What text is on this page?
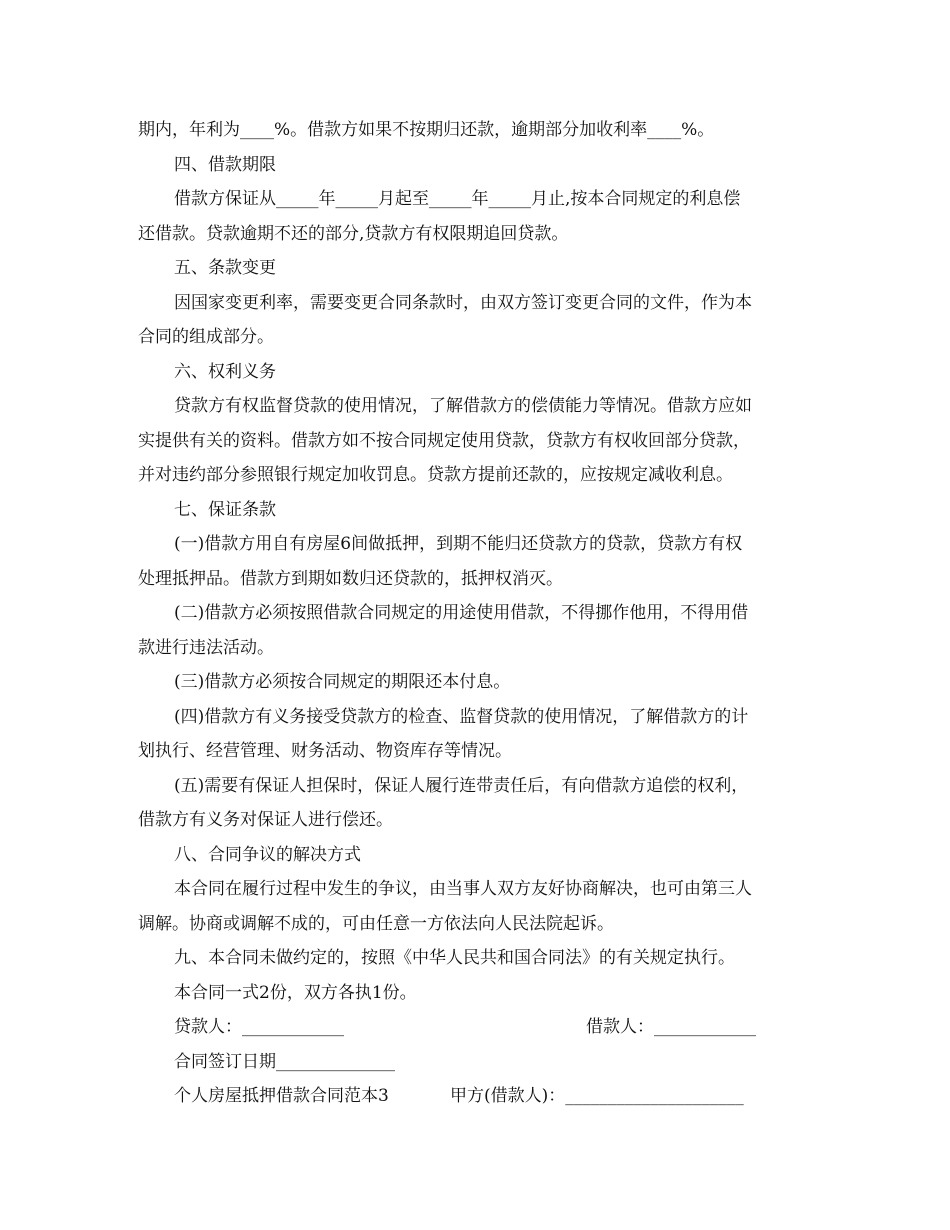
期内，年利为____%。借款方如果不按期归还款，逾期部分加收利率____%。

四、借款期限

借款方保证从_____年_____月起至_____年_____月止,按本合同规定的利息偿

还借款。贷款逾期不还的部分,贷款方有权限期追回贷款。

五、条款变更

因国家变更利率，需要变更合同条款时，由双方签订变更合同的文件，作为本

合同的组成部分。

六、权利义务

贷款方有权监督贷款的使用情况，了解借款方的偿债能力等情况。借款方应如

实提供有关的资料。借款方如不按合同规定使用贷款，贷款方有权收回部分贷款，

并对违约部分参照银行规定加收罚息。贷款方提前还款的，应按规定减收利息。

七、保证条款

(一)借款方用自有房屋6间做抵押，到期不能归还贷款方的贷款，贷款方有权

处理抵押品。借款方到期如数归还贷款的，抵押权消灭。

(二)借款方必须按照借款合同规定的用途使用借款，不得挪作他用，不得用借

款进行违法活动。

(三)借款方必须按合同规定的期限还本付息。

(四)借款方有义务接受贷款方的检查、监督贷款的使用情况，了解借款方的计

划执行、经营管理、财务活动、物资库存等情况。

(五)需要有保证人担保时，保证人履行连带责任后，有向借款方追偿的权利，

借款方有义务对保证人进行偿还。

八、合同争议的解决方式

本合同在履行过程中发生的争议，由当事人双方友好协商解决，也可由第三人

调解。协商或调解不成的，可由任意一方依法向人民法院起诉。

九、本合同未做约定的，按照《中华人民共和国合同法》的有关规定执行。

本合同一式2份，双方各执1份。

贷款人：____________	借款人：____________

合同签订日期______________

个人房屋抵押借款合同范本3	甲方(借款人)：_____________________
